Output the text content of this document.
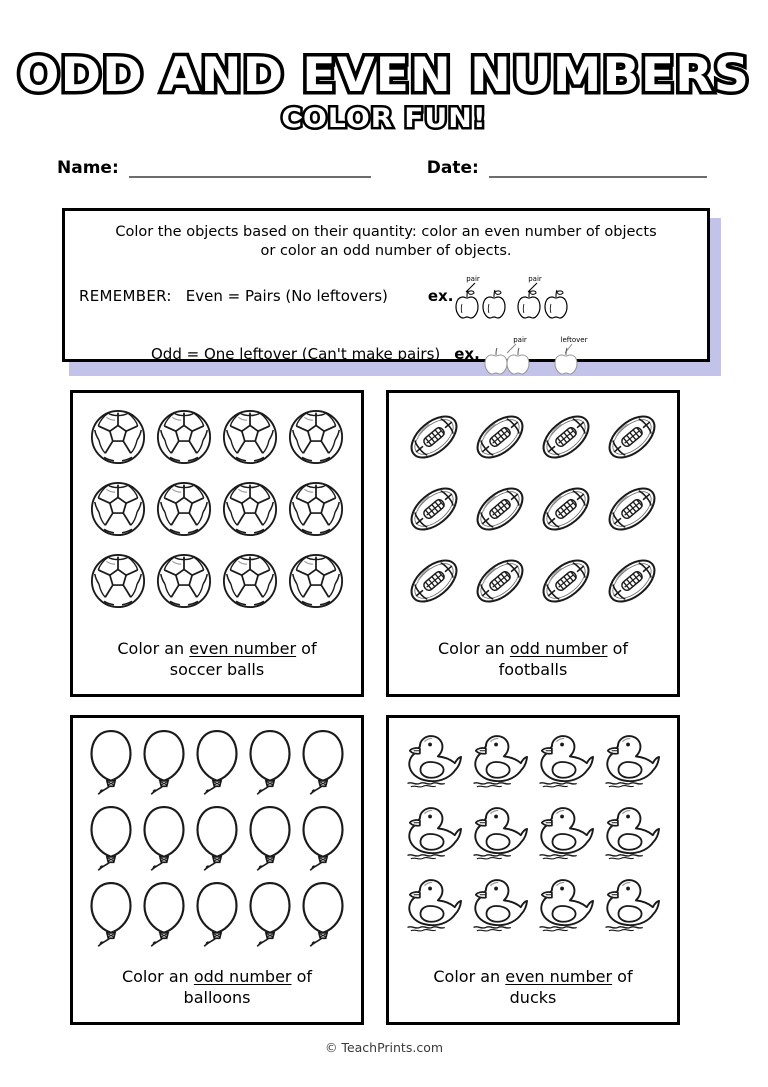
ODD AND EVEN NUMBERS
COLOR FUN!
Name:	Date:
Color the objects based on their quantity: color an even number of objects
or color an odd number of objects.
REMEMBER: Even = Pairs (No leftovers)	ex.
pair	pair
Odd = One leftover (Can't make pairs) ex.
pair	leftover
Color an even number of
soccer balls
Color an odd number of
footballs
Color an odd number of
balloons
Color an even number of
ducks
© TeachPrints.com
